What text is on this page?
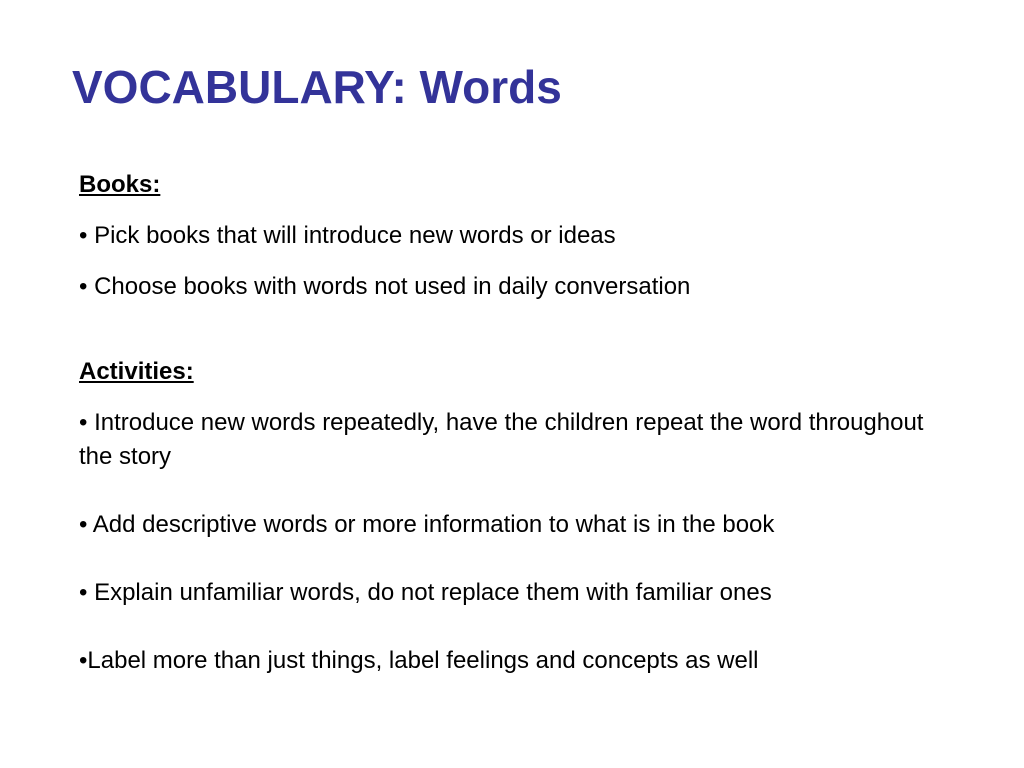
VOCABULARY: Words

Books:

• Pick books that will introduce new words or ideas

• Choose books with words not used in daily conversation

Activities:

• Introduce new words repeatedly, have the children repeat the word throughout the story

• Add descriptive words or more information to what is in the book

• Explain unfamiliar words, do not replace them with familiar ones

•Label more than just things, label feelings and concepts as well
